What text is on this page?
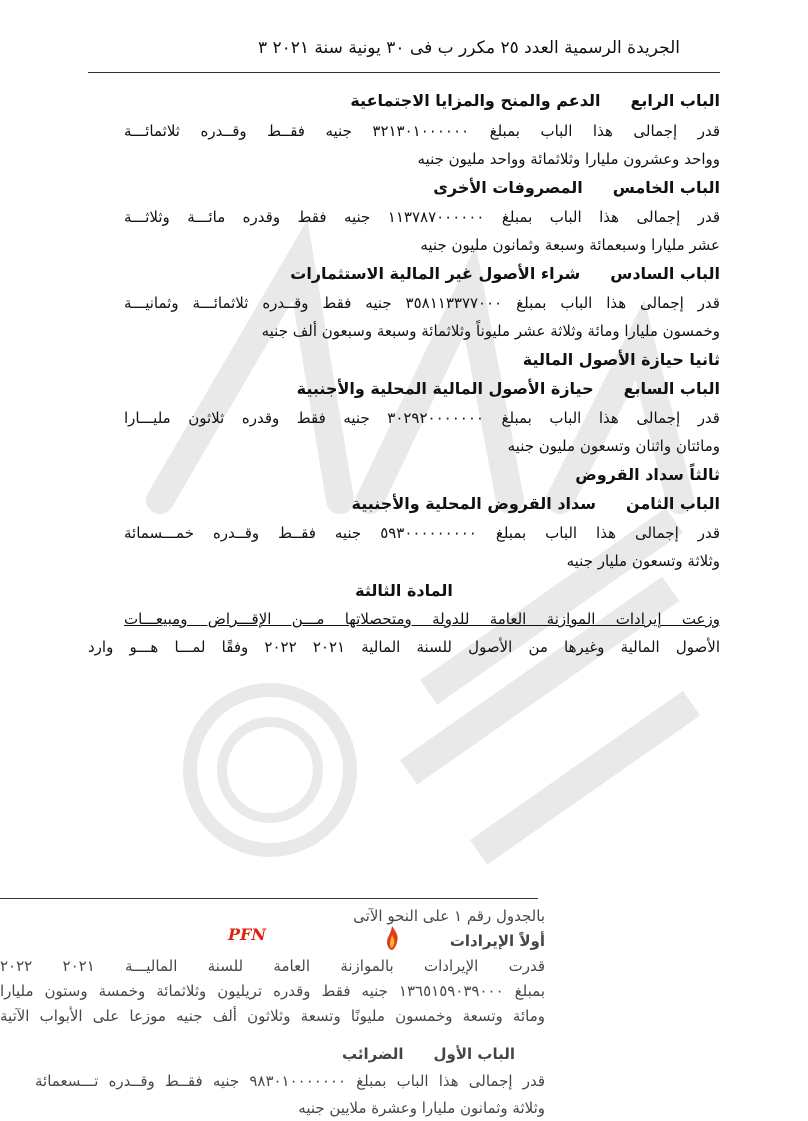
الجريدة الرسمية العدد ٢٥ مكرر ب فى ٣٠ يونية سنة ٢٠٢١ ٣
الباب الرابعالدعم والمنح والمزايا الاجتماعية
قدر إجمالى هذا الباب بمبلغ ٣٢١٣٠١٠٠٠٠٠٠ جنيه فقــط وقــدره ثلاثمائـــة
وواحد وعشرون مليارا وثلاثمائة وواحد مليون جنيه
الباب الخامسالمصروفات الأخرى
قدر إجمالى هذا الباب بمبلغ ١١٣٧٨٧٠٠٠٠٠٠ جنيه فقط وقدره مائـــة وثلاثـــة
عشر مليارا وسبعمائة وسبعة وثمانون مليون جنيه
الباب السادسشراء الأصول غير المالية الاستثمارات
قدر إجمالى هذا الباب بمبلغ ٣٥٨١١٣٣٧٧٠٠٠ جنيه فقط وقــدره ثلاثمائـــة وثمانيـــة
وخمسون مليارا ومائة وثلاثة عشر مليوناً وثلاثمائة وسبعة وسبعون ألف جنيه
ثانيا حيازة الأصول المالية
الباب السابعحيازة الأصول المالية المحلية والأجنبية
قدر إجمالى هذا الباب بمبلغ ٣٠٢٩٢٠٠٠٠٠٠٠ جنيه فقط وقدره ثلاثون مليـــارا
ومائتان واثنان وتسعون مليون جنيه
ثالثاً سداد القروض
الباب الثامنسداد القروض المحلية والأجنبية
قدر إجمالى هذا الباب بمبلغ ٥٩٣٠٠٠٠٠٠٠٠٠ جنيه فقــط وقــدره خمـــسمائة
وثلاثة وتسعون مليار جنيه
المادة الثالثة
وزعت إيرادات الموازنة العامة للدولة ومتحصلاتها مـــن الإقـــراض ومبيعـــات
الأصول المالية وغيرها من الأصول للسنة المالية ٢٠٢١ ٢٠٢٢ وفقًا لمـــا هـــو وارد
PFN
بالجدول رقم ١ على النحو الآتى
أولاً الإيرادات
قدرت الإيرادات بالموازنة العامة للسنة الماليـــة ٢٠٢١ ٢٠٢٢
بمبلغ ١٣٦٥١٥٩٠٣٩٠٠٠ جنيه فقط وقدره تريليون وثلاثمائة وخمسة وستون مليارا
ومائة وتسعة وخمسون مليونًا وتسعة وثلاثون ألف جنيه موزعا على الأبواب الآتية
الباب الأولالضرائب
قدر إجمالى هذا الباب بمبلغ ٩٨٣٠١٠٠٠٠٠٠٠ جنيه فقــط وقــدره تـــسعمائة
وثلاثة وثمانون مليارا وعشرة ملايين جنيه
